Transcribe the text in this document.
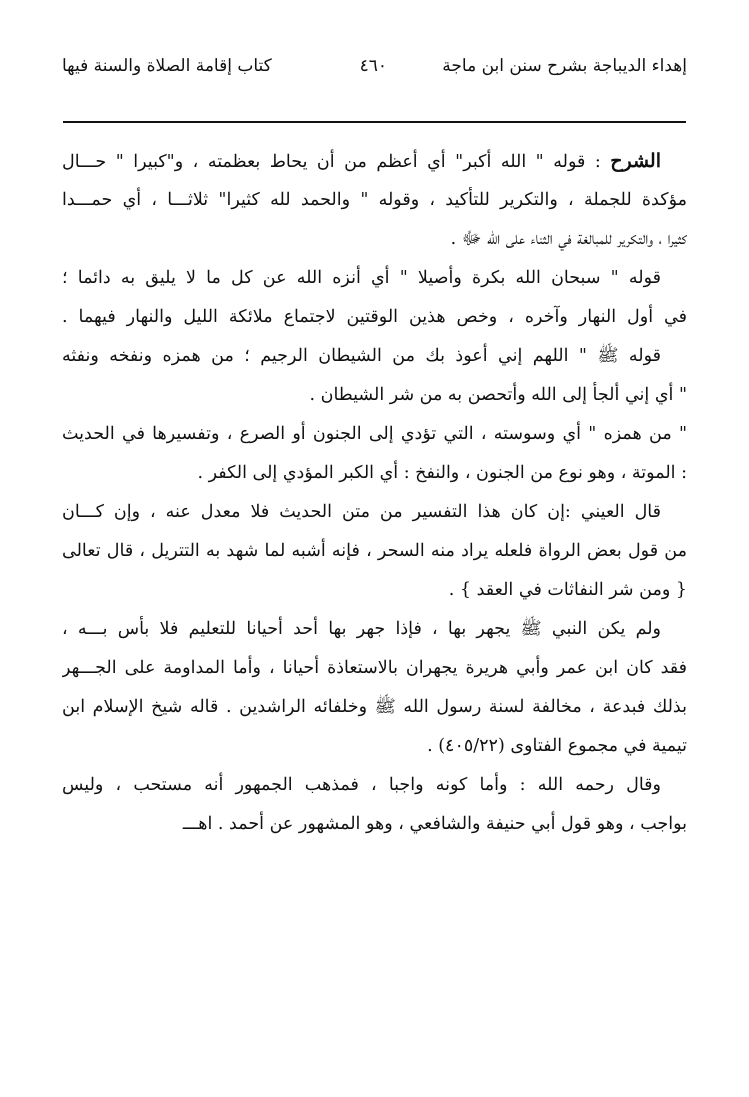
إهداء الديباجة بشرح سنن ابن ماجة
٤٦٠
كتاب إقامة الصلاة والسنة فيها
الشرح : قوله " الله أكبر" أي أعظم من أن يحاط بعظمته ، و"كبيرا " حـــال
مؤكدة للجملة ، والتكرير للتأكيد ، وقوله " والحمد لله كثيرا" ثلاثـــا ، أي حمـــدا
كثيرا ، والتكرير للمبالغة في الثناء على الله ﷻ .
قوله " سبحان الله بكرة وأصيلا " أي أنزه الله عن كل ما لا يليق به دائما ؛
في أول النهار وآخره ، وخص هذين الوقتين لاجتماع ملائكة الليل والنهار فيهما .
قوله ﷺ " اللهم إني أعوذ بك من الشيطان الرجيم ؛ من همزه ونفخه ونفثه
" أي إني ألجأ إلى الله وأتحصن به من شر الشيطان .
" من همزه " أي وسوسته ، التي تؤدي إلى الجنون أو الصرع ، وتفسيرها في الحديث
: الموتة ، وهو نوع من الجنون ، والنفخ : أي الكبر المؤدي إلى الكفر .
قال العيني :إن كان هذا التفسير من متن الحديث فلا معدل عنه ، وإن كـــان
من قول بعض الرواة فلعله يراد منه السحر ، فإنه أشبه لما شهد به التتريل ، قال تعالى
{ ومن شر النفاثات في العقد } .
ولم يكن النبي ﷺ يجهر بها ، فإذا جهر بها أحد أحيانا للتعليم فلا بأس بـــه ،
فقد كان ابن عمر وأبي هريرة يجهران بالاستعاذة أحيانا ، وأما المداومة على الجـــهر
بذلك فبدعة ، مخالفة لسنة رسول الله ﷺ وخلفائه الراشدين . قاله شيخ الإسلام ابن
تيمية في مجموع الفتاوى (٤٠٥/٢٢) .
وقال رحمه الله : وأما كونه واجبا ، فمذهب الجمهور أنه مستحب ، وليس
بواجب ، وهو قول أبي حنيفة والشافعي ، وهو المشهور عن أحمد . اهـــ
